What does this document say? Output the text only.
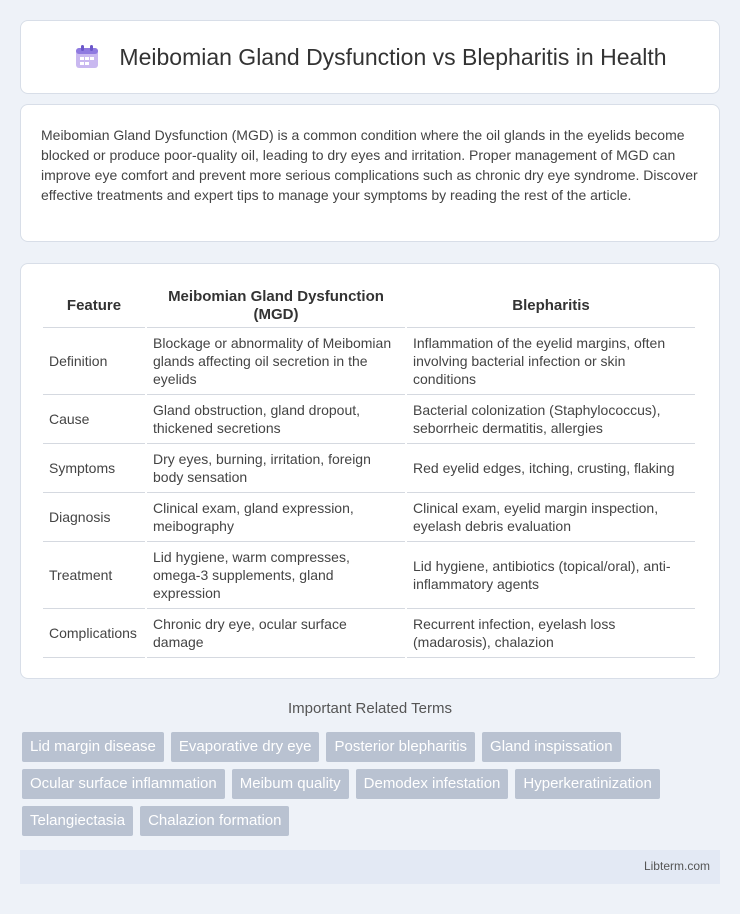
Meibomian Gland Dysfunction vs Blepharitis in Health

Meibomian Gland Dysfunction (MGD) is a common condition where the oil glands in the eyelids become blocked or produce poor-quality oil, leading to dry eyes and irritation. Proper management of MGD can improve eye comfort and prevent more serious complications such as chronic dry eye syndrome. Discover effective treatments and expert tips to manage your symptoms by reading the rest of the article.

Feature	Meibomian Gland Dysfunction (MGD)	Blepharitis
Definition	Blockage or abnormality of Meibomian glands affecting oil secretion in the eyelids	Inflammation of the eyelid margins, often involving bacterial infection or skin conditions
Cause	Gland obstruction, gland dropout, thickened secretions	Bacterial colonization (Staphylococcus), seborrheic dermatitis, allergies
Symptoms	Dry eyes, burning, irritation, foreign body sensation	Red eyelid edges, itching, crusting, flaking
Diagnosis	Clinical exam, gland expression, meibography	Clinical exam, eyelid margin inspection, eyelash debris evaluation
Treatment	Lid hygiene, warm compresses, omega-3 supplements, gland expression	Lid hygiene, antibiotics (topical/oral), anti-inflammatory agents
Complications	Chronic dry eye, ocular surface damage	Recurrent infection, eyelash loss (madarosis), chalazion
Important Related Terms
Lid margin disease	Evaporative dry eye	Posterior blepharitis	Gland inspissation
Ocular surface inflammation	Meibum quality	Demodex infestation	Hyperkeratinization
Telangiectasia	Chalazion formation
Libterm.com
